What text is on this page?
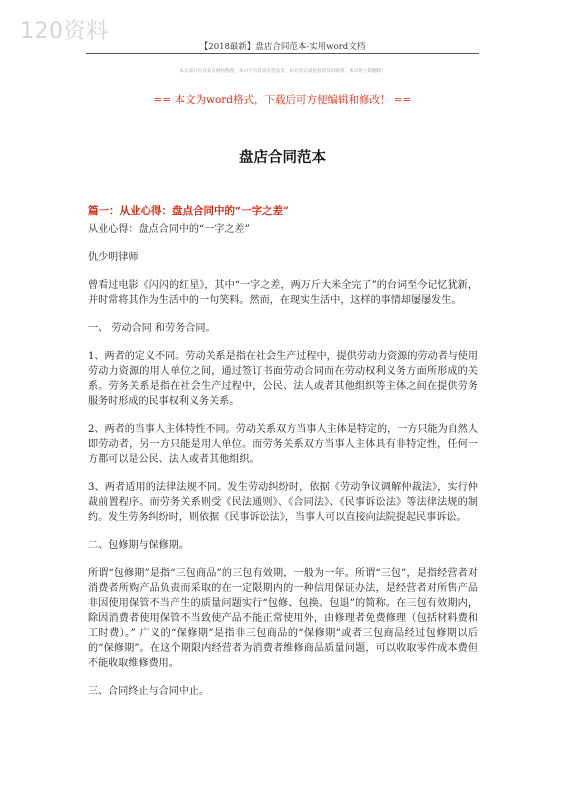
120资料
【2018最新】盘店合同范本-实用word文档
本文部分内容来自网络整理，本司不为其真实性负责，如有异议或侵权请及时联系，本司将立即删除！
== 本文为word格式，下载后可方便编辑和修改！ ==
盘店合同范本
篇一：从业心得：盘点合同中的“一字之差”

从业心得：盘点合同中的“一字之差”

仇少明律师

曾看过电影《闪闪的红星》，其中“一字之差，两万斤大米全完了”的台词至今记忆犹新，并时常将其作为生活中的一句笑料。然而，在现实生活中，这样的事情却屡屡发生。

一、 劳动合同 和劳务合同。

1、两者的定义不同。劳动关系是指在社会生产过程中，提供劳动力资源的劳动者与使用劳动力资源的用人单位之间，通过签订书面劳动合同而在劳动权利义务方面所形成的关系。劳务关系是指在社会生产过程中，公民、法人或者其他组织等主体之间在提供劳务服务时形成的民事权利义务关系。

2、两者的当事人主体特性不同。劳动关系双方当事人主体是特定的，一方只能为自然人即劳动者，另一方只能是用人单位。而劳务关系双方当事人主体具有非特定性，任何一方都可以是公民、法人或者其他组织。

3、两者适用的法律法规不同。发生劳动纠纷时，依据《劳动争议调解仲裁法》，实行仲裁前置程序。而劳务关系则受《民法通则》、《合同法》、《民事诉讼法》等法律法规的制约。发生劳务纠纷时，则依据《民事诉讼法》，当事人可以直接向法院提起民事诉讼。

二、包修期与保修期。

所谓“包修期”是指“三包商品”的三包有效期，一般为一年。所谓“三包”，是指经营者对消费者所购产品负责而采取的在一定限期内的一种信用保证办法，是经营者对所售产品非因使用保管不当产生的质量问题实行“包修、包换、包退”的简称。在三包有效期内，除因消费者使用保管不当致使产品不能正常使用外，由修理者免费修理（包括材料费和工时费）。” 广义的“保修期”是指非三包商品的“保修期”或者三包商品经过包修期以后的“保修期”。在这个期限内经营者为消费者维修商品质量问题，可以收取零件成本费但不能收取维修费用。

三、合同终止与合同中止。
